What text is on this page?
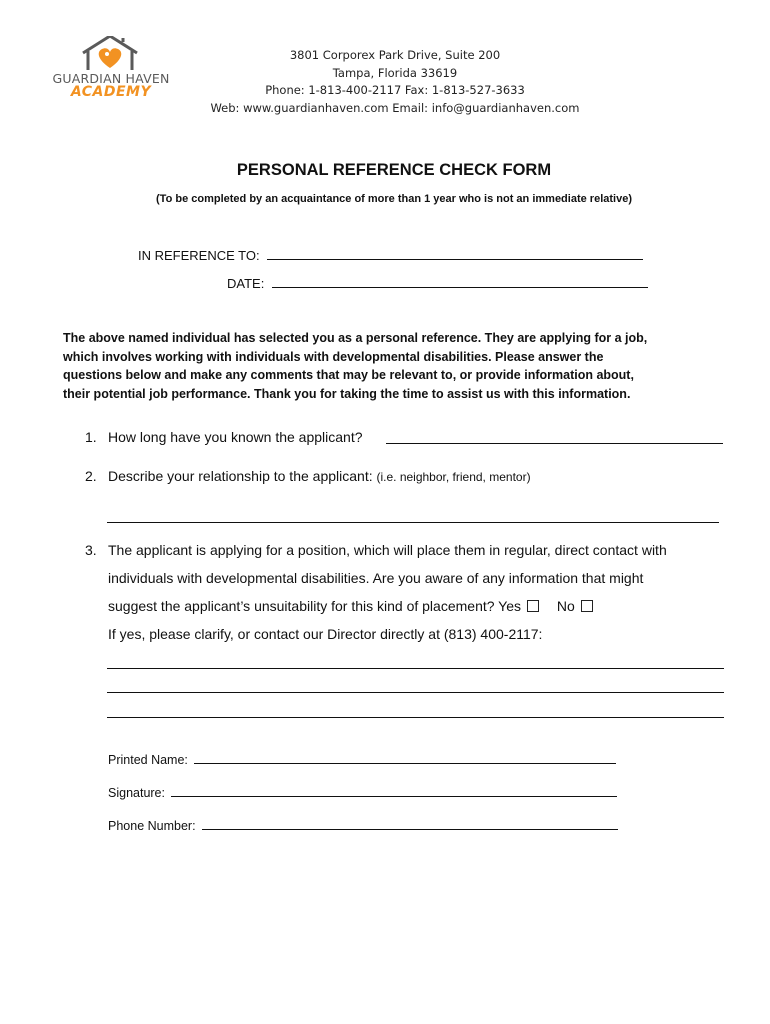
GUARDIAN HAVEN
ACADEMY
3801 Corporex Park Drive, Suite 200
Tampa, Florida 33619
Phone: 1-813-400-2117 Fax: 1-813-527-3633
Web: www.guardianhaven.com Email: info@guardianhaven.com
PERSONAL REFERENCE CHECK FORM
(To be completed by an acquaintance of more than 1 year who is not an immediate relative)
IN REFERENCE TO:
DATE:
The above named individual has selected you as a personal reference. They are applying for a job,
which involves working with individuals with developmental disabilities. Please answer the
questions below and make any comments that may be relevant to, or provide information about,
their potential job performance. Thank you for taking the time to assist us with this information.
1. How long have you known the applicant?
2. Describe your relationship to the applicant: (i.e. neighbor, friend, mentor)
3. The applicant is applying for a position, which will place them in regular, direct contact with
individuals with developmental disabilities. Are you aware of any information that might
suggest the applicant’s unsuitability for this kind of placement? Yes	No
If yes, please clarify, or contact our Director directly at (813) 400-2117:
Printed Name:
Signature:
Phone Number:
